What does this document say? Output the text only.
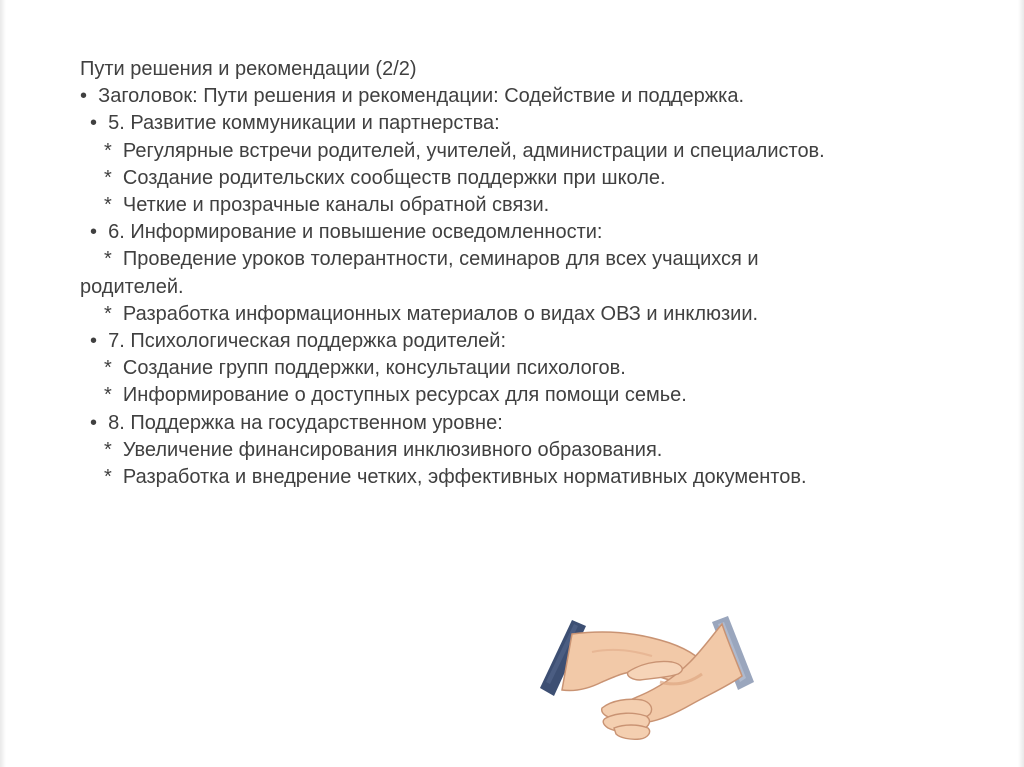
Пути решения и рекомендации (2/2)

•  Заголовок: Пути решения и рекомендации: Содействие и поддержка.

•  5. Развитие коммуникации и партнерства:

*  Регулярные встречи родителей, учителей, администрации и специалистов.

*  Создание родительских сообществ поддержки при школе.

*  Четкие и прозрачные каналы обратной связи.

•  6. Информирование и повышение осведомленности:

*  Проведение уроков толерантности, семинаров для всех учащихся и

родителей.

*  Разработка информационных материалов о видах ОВЗ и инклюзии.

•  7. Психологическая поддержка родителей:

*  Создание групп поддержки, консультации психологов.

*  Информирование о доступных ресурсах для помощи семье.

•  8. Поддержка на государственном уровне:

*  Увеличение финансирования инклюзивного образования.

*  Разработка и внедрение четких, эффективных нормативных документов.
